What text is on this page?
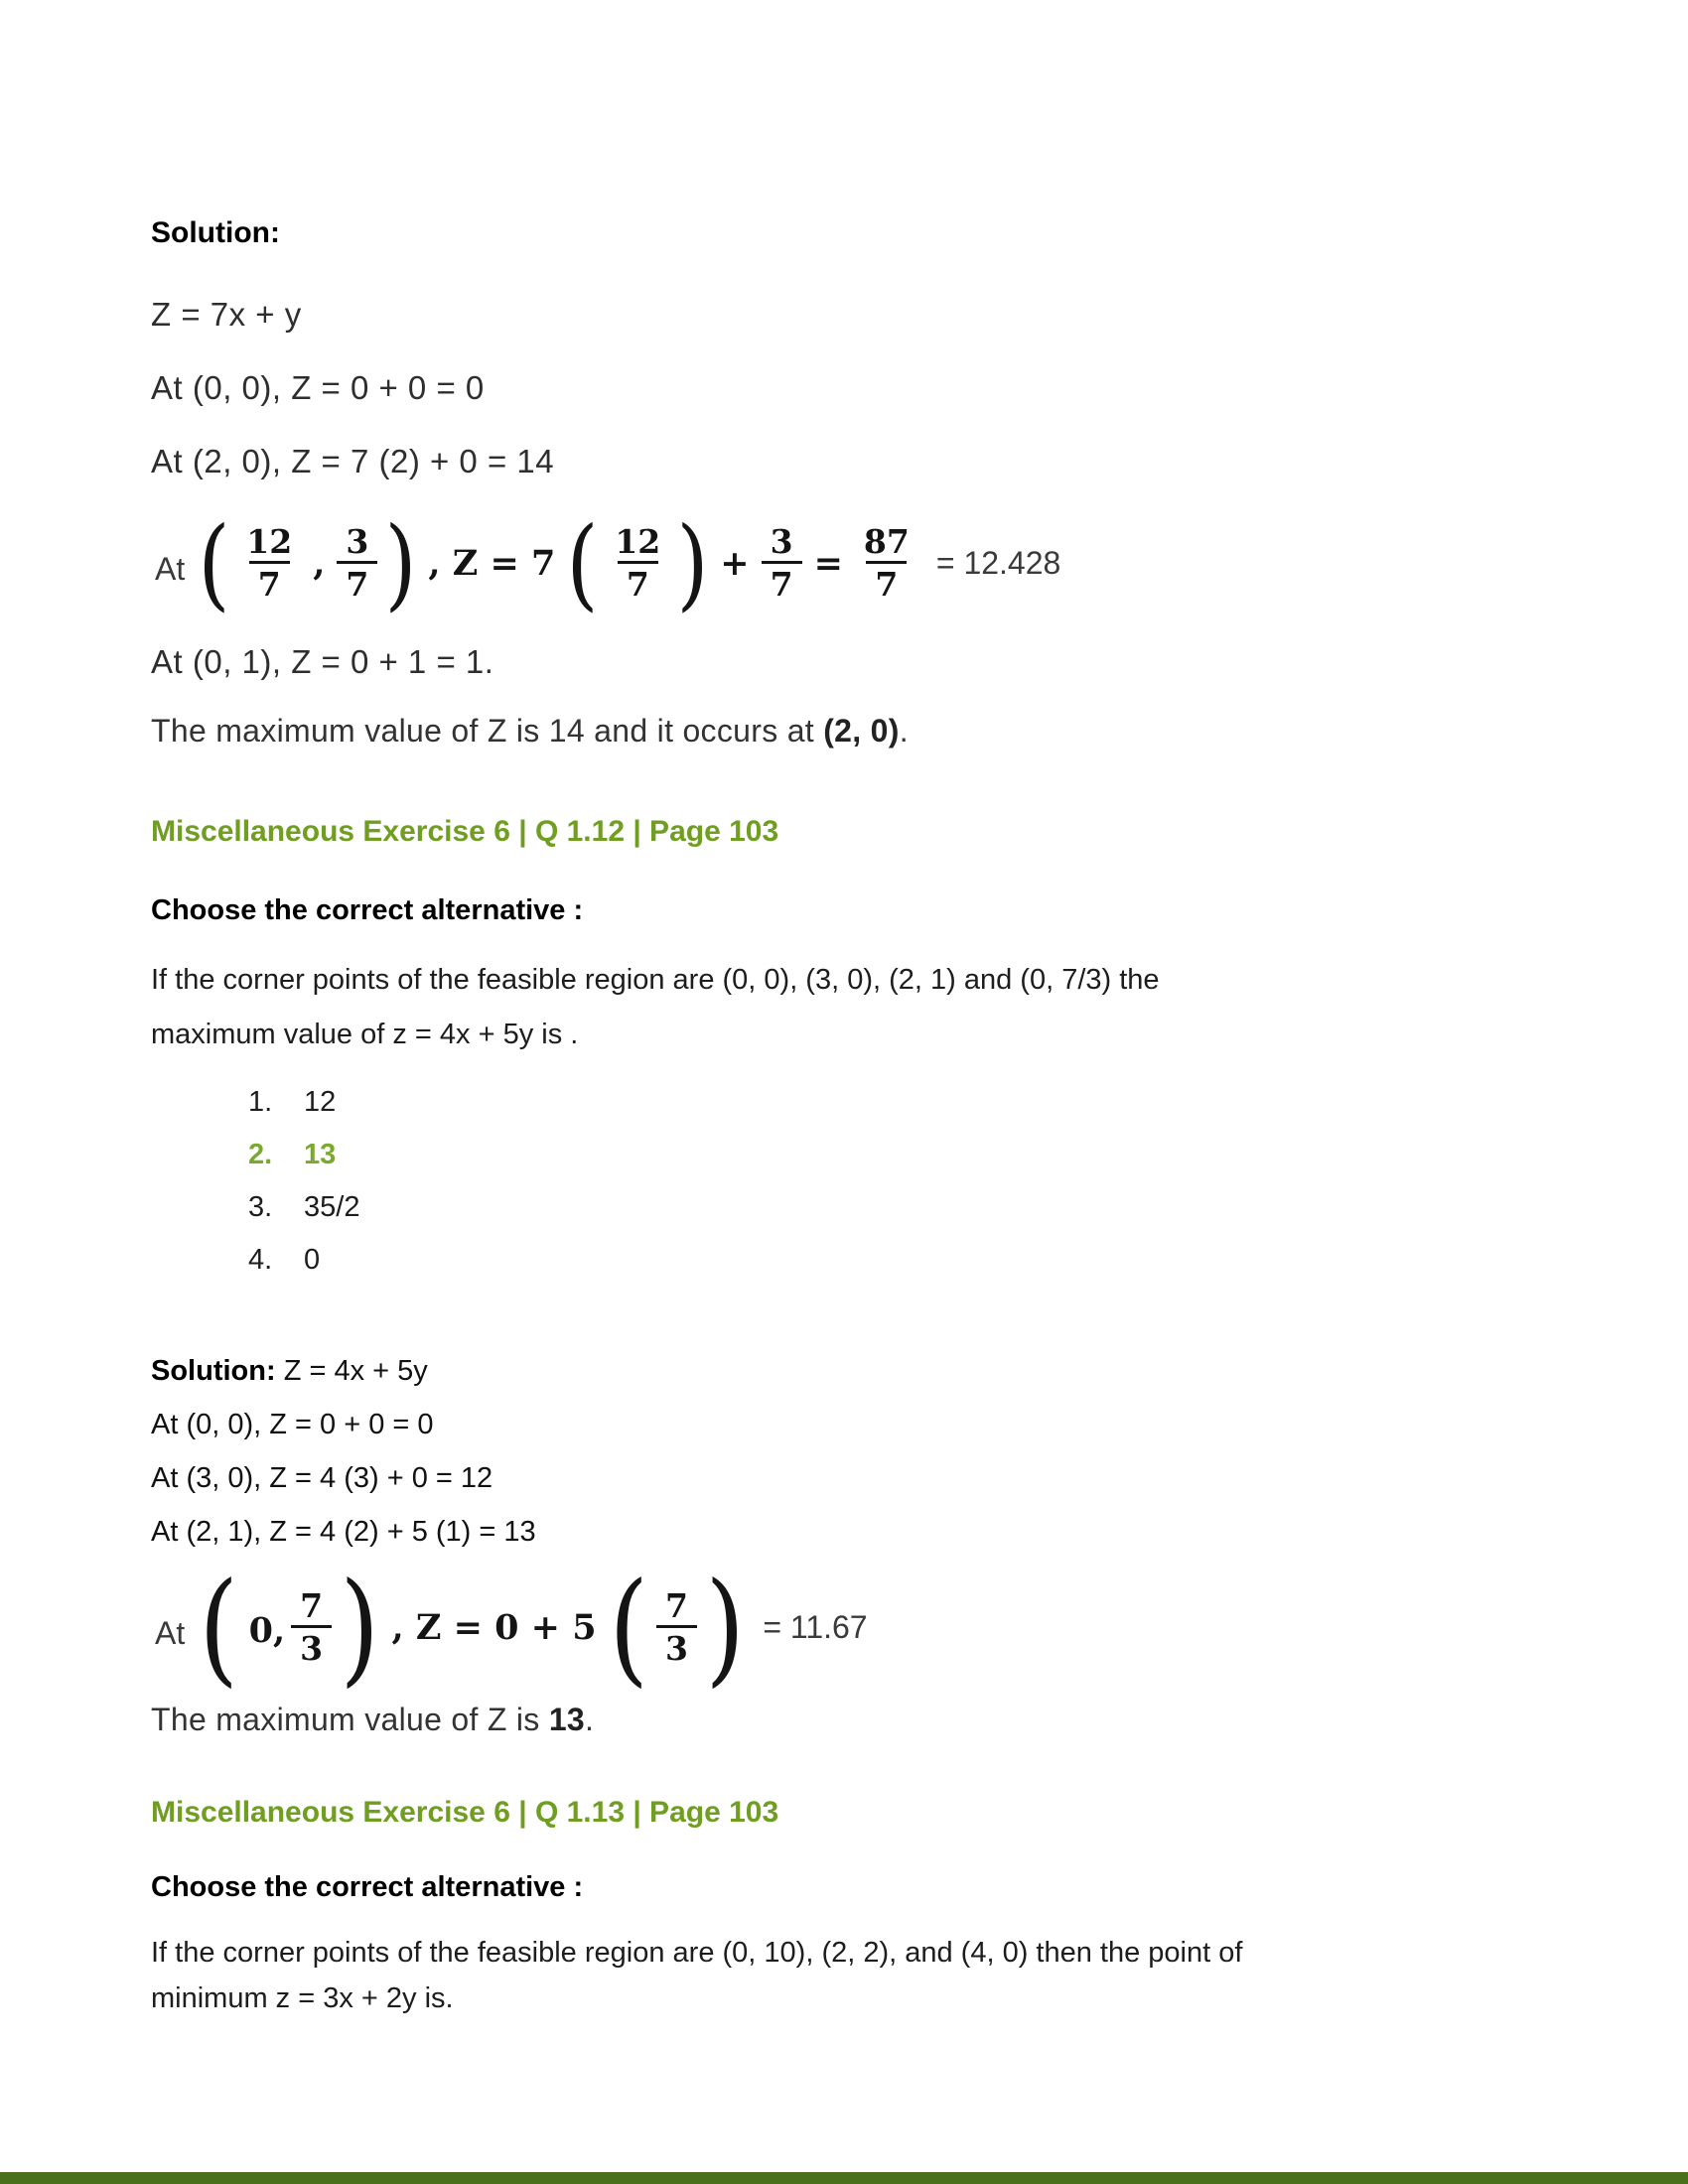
Solution:
Z = 7x + y
At (0, 0), Z = 0 + 0 = 0
At (2, 0), Z = 7 (2) + 0 = 14
At ( $\frac{12}{7}$ , $\frac{3}{7}$ ) , Z = 7 ( $\frac{12}{7}$ ) + $\frac{3}{7} = \frac{87}{7} = 12.428$
At (0, 1), Z = 0 + 1 = 1.
The maximum value of Z is 14 and it occurs at (2, 0).
Miscellaneous Exercise 6 | Q 1.12 | Page 103
Choose the correct alternative :
If the corner points of the feasible region are (0, 0), (3, 0), (2, 1) and (0, 7/3) the
maximum value of z = 4x + 5y is .
1.	12
2.	13
3.	35/2
4.	0
Solution: Z = 4x + 5y
At (0, 0), Z = 0 + 0 = 0
At (3, 0), Z = 4 (3) + 0 = 12
At (2, 1), Z = 4 (2) + 5 (1) = 13
At ( 0, $\frac{7}{3}$ ) , Z = 0 + 5 ( $\frac{7}{3}$ ) = 11.67
The maximum value of Z is 13.
Miscellaneous Exercise 6 | Q 1.13 | Page 103
Choose the correct alternative :
If the corner points of the feasible region are (0, 10), (2, 2), and (4, 0) then the point of
minimum z = 3x + 2y is.
